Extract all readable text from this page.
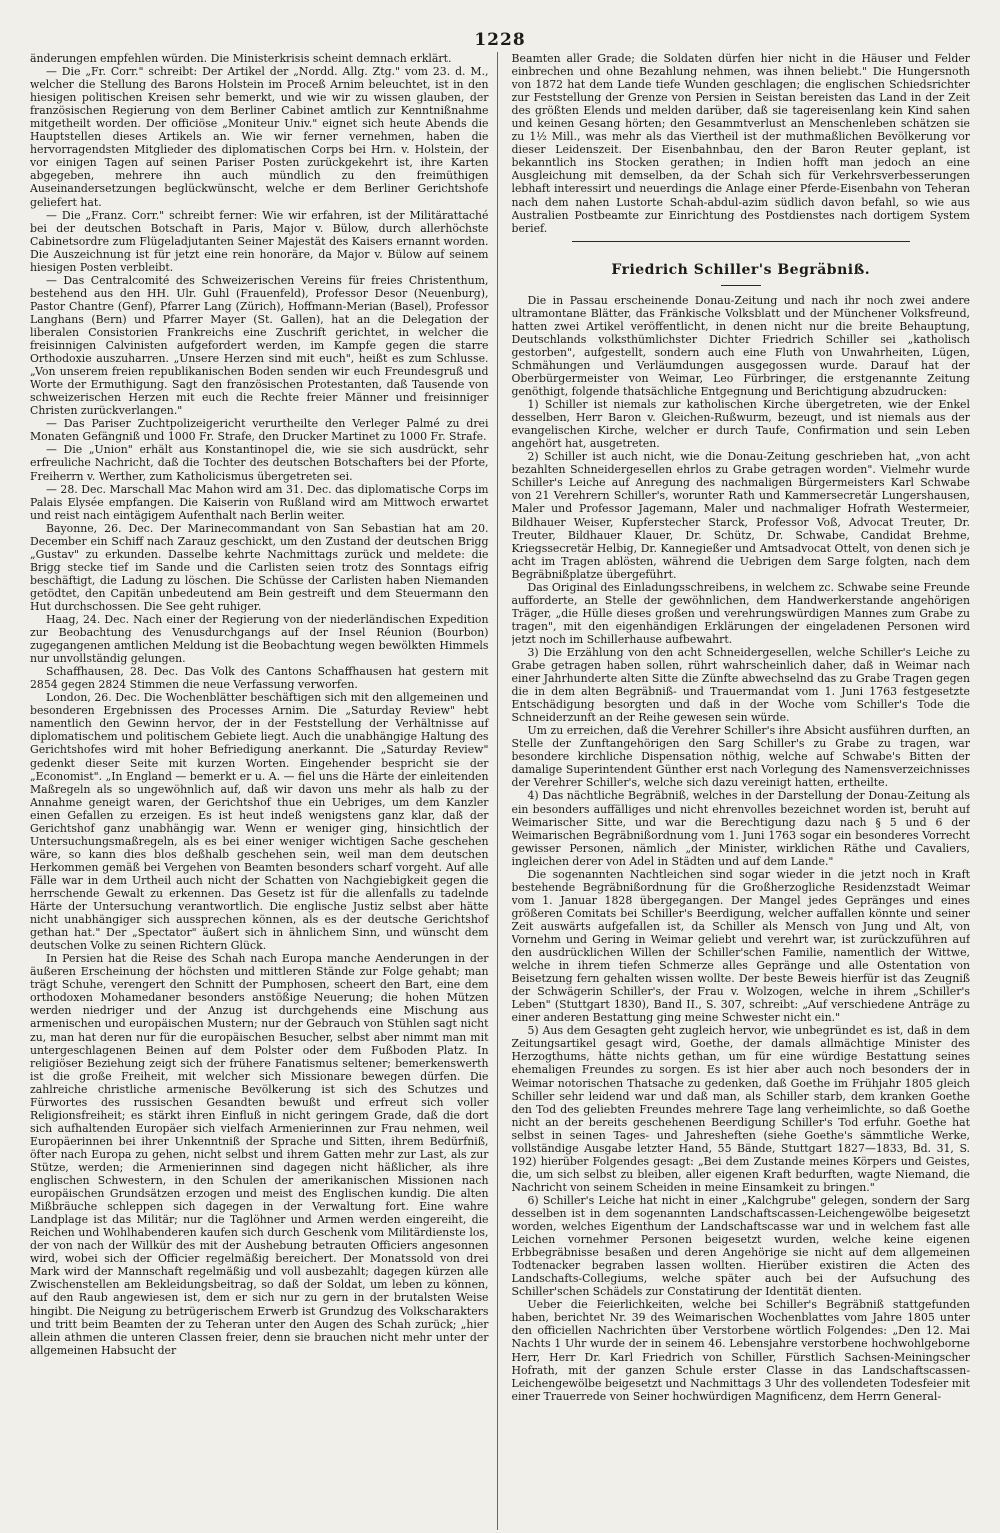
1228

änderungen empfehlen würden. Die Ministerkrisis scheint demnach erklärt.

— Die „Fr. Corr." schreibt: Der Artikel der „Nordd. Allg. Ztg." vom 23. d. M., welcher die Stellung des Barons Holstein im Proceß Arnim beleuchtet, ist in den hiesigen politischen Kreisen sehr bemerkt, und wie wir zu wissen glauben, der französischen Regierung von dem Berliner Cabinet amtlich zur Kenntnißnahme mitgetheilt worden. Der officiöse „Moniteur Univ." eignet sich heute Abends die Hauptstellen dieses Artikels an. Wie wir ferner vernehmen, haben die hervorragendsten Mitglieder des diplomatischen Corps bei Hrn. v. Holstein, der vor einigen Tagen auf seinen Pariser Posten zurückgekehrt ist, ihre Karten abgegeben, mehrere ihn auch mündlich zu den freimüthigen Auseinandersetzungen beglückwünscht, welche er dem Berliner Gerichtshofe geliefert hat.

— Die „Franz. Corr." schreibt ferner: Wie wir erfahren, ist der Militärattaché bei der deutschen Botschaft in Paris, Major v. Bülow, durch allerhöchste Cabinetsordre zum Flügeladjutanten Seiner Majestät des Kaisers ernannt worden. Die Auszeichnung ist für jetzt eine rein honoräre, da Major v. Bülow auf seinem hiesigen Posten verbleibt.

— Das Centralcomité des Schweizerischen Vereins für freies Christenthum, bestehend aus den HH. Ulr. Guhl (Frauenfeld), Professor Desor (Neuenburg), Pastor Chantre (Genf), Pfarrer Lang (Zürich), Hoffmann-Merian (Basel), Professor Langhans (Bern) und Pfarrer Mayer (St. Gallen), hat an die Delegation der liberalen Consistorien Frankreichs eine Zuschrift gerichtet, in welcher die freisinnigen Calvinisten aufgefordert werden, im Kampfe gegen die starre Orthodoxie auszuharren. „Unsere Herzen sind mit euch", heißt es zum Schlusse. „Von unserem freien republikanischen Boden senden wir euch Freundesgruß und Worte der Ermuthigung. Sagt den französischen Protestanten, daß Tausende von schweizerischen Herzen mit euch die Rechte freier Männer und freisinniger Christen zurückverlangen."

— Das Pariser Zuchtpolizeigericht verurtheilte den Verleger Palmé zu drei Monaten Gefängniß und 1000 Fr. Strafe, den Drucker Martinet zu 1000 Fr. Strafe.

— Die „Union" erhält aus Konstantinopel die, wie sie sich ausdrückt, sehr erfreuliche Nachricht, daß die Tochter des deutschen Botschafters bei der Pforte, Freiherrn v. Werther, zum Katholicismus übergetreten sei.

— 28. Dec. Marschall Mac Mahon wird am 31. Dec. das diplomatische Corps im Palais Elysée empfangen. Die Kaiserin von Rußland wird am Mittwoch erwartet und reist nach eintägigem Aufenthalt nach Berlin weiter.

Bayonne, 26. Dec. Der Marinecommandant von San Sebastian hat am 20. December ein Schiff nach Zarauz geschickt, um den Zustand der deutschen Brigg „Gustav" zu erkunden. Dasselbe kehrte Nachmittags zurück und meldete: die Brigg stecke tief im Sande und die Carlisten seien trotz des Sonntags eifrig beschäftigt, die Ladung zu löschen. Die Schüsse der Carlisten haben Niemanden getödtet, den Capitän unbedeutend am Bein gestreift und dem Steuermann den Hut durchschossen. Die See geht ruhiger.

Haag, 24. Dec. Nach einer der Regierung von der niederländischen Expedition zur Beobachtung des Venusdurchgangs auf der Insel Réunion (Bourbon) zugegangenen amtlichen Meldung ist die Beobachtung wegen bewölkten Himmels nur unvollständig gelungen.

Schaffhausen, 28. Dec. Das Volk des Cantons Schaffhausen hat gestern mit 2854 gegen 2824 Stimmen die neue Verfassung verworfen.

London, 26. Dec. Die Wochenblätter beschäftigen sich mit den allgemeinen und besonderen Ergebnissen des Processes Arnim. Die „Saturday Review" hebt namentlich den Gewinn hervor, der in der Feststellung der Verhältnisse auf diplomatischem und politischem Gebiete liegt. Auch die unabhängige Haltung des Gerichtshofes wird mit hoher Befriedigung anerkannt. Die „Saturday Review" gedenkt dieser Seite mit kurzen Worten. Eingehender bespricht sie der „Economist". „In England — bemerkt er u. A. — fiel uns die Härte der einleitenden Maßregeln als so ungewöhnlich auf, daß wir davon uns mehr als halb zu der Annahme geneigt waren, der Gerichtshof thue ein Uebriges, um dem Kanzler einen Gefallen zu erzeigen. Es ist heut indeß wenigstens ganz klar, daß der Gerichtshof ganz unabhängig war. Wenn er weniger ging, hinsichtlich der Untersuchungsmaßregeln, als es bei einer weniger wichtigen Sache geschehen wäre, so kann dies blos deßhalb geschehen sein, weil man dem deutschen Herkommen gemäß bei Vergehen von Beamten besonders scharf vorgeht. Auf alle Fälle war in dem Urtheil auch nicht der Schatten von Nachgiebigkeit gegen die herrschende Gewalt zu erkennen. Das Gesetz ist für die allenfalls zu tadelnde Härte der Untersuchung verantwortlich. Die englische Justiz selbst aber hätte nicht unabhängiger sich aussprechen können, als es der deutsche Gerichtshof gethan hat." Der „Spectator" äußert sich in ähnlichem Sinn, und wünscht dem deutschen Volke zu seinen Richtern Glück.

In Persien hat die Reise des Schah nach Europa manche Aenderungen in der äußeren Erscheinung der höchsten und mittleren Stände zur Folge gehabt; man trägt Schuhe, verengert den Schnitt der Pumphosen, scheert den Bart, eine dem orthodoxen Mohamedaner besonders anstößige Neuerung; die hohen Mützen werden niedriger und der Anzug ist durchgehends eine Mischung aus armenischen und europäischen Mustern; nur der Gebrauch von Stühlen sagt nicht zu, man hat deren nur für die europäischen Besucher, selbst aber nimmt man mit untergeschlagenen Beinen auf dem Polster oder dem Fußboden Platz. In religiöser Beziehung zeigt sich der frühere Fanatismus seltener; bemerkenswerth ist die große Freiheit, mit welcher sich Missionare bewegen dürfen. Die zahlreiche christliche armenische Bevölkerung ist sich des Schutzes und Fürwortes des russischen Gesandten bewußt und erfreut sich voller Religionsfreiheit; es stärkt ihren Einfluß in nicht geringem Grade, daß die dort sich aufhaltenden Europäer sich vielfach Armenierinnen zur Frau nehmen, weil Europäerinnen bei ihrer Unkenntniß der Sprache und Sitten, ihrem Bedürfniß, öfter nach Europa zu gehen, nicht selbst und ihrem Gatten mehr zur Last, als zur Stütze, werden; die Armenierinnen sind dagegen nicht häßlicher, als ihre englischen Schwestern, in den Schulen der amerikanischen Missionen nach europäischen Grundsätzen erzogen und meist des Englischen kundig. Die alten Mißbräuche schleppen sich dagegen in der Verwaltung fort. Eine wahre Landplage ist das Militär; nur die Taglöhner und Armen werden eingereiht, die Reichen und Wohlhabenderen kaufen sich durch Geschenk vom Militärdienste los, der von nach der Willkür des mit der Aushebung betrauten Officiers angesonnen wird, wobei sich der Officier regelmäßig bereichert. Der Monatssold von drei Mark wird der Mannschaft regelmäßig und voll ausbezahlt; dagegen kürzen alle Zwischenstellen am Bekleidungsbeitrag, so daß der Soldat, um leben zu können, auf den Raub angewiesen ist, dem er sich nur zu gern in der brutalsten Weise hingibt. Die Neigung zu betrügerischem Erwerb ist Grundzug des Volkscharakters und tritt beim Beamten der zu Teheran unter den Augen des Schah zurück; „hier allein athmen die unteren Classen freier, denn sie brauchen nicht mehr unter der allgemeinen Habsucht der

Beamten aller Grade; die Soldaten dürfen hier nicht in die Häuser und Felder einbrechen und ohne Bezahlung nehmen, was ihnen beliebt." Die Hungersnoth von 1872 hat dem Lande tiefe Wunden geschlagen; die englischen Schiedsrichter zur Feststellung der Grenze von Persien in Seistan bereisten das Land in der Zeit des größten Elends und melden darüber, daß sie tagereisenlang kein Kind sahen und keinen Gesang hörten; den Gesammtverlust an Menschenleben schätzen sie zu 1½ Mill., was mehr als das Viertheil ist der muthmaßlichen Bevölkerung vor dieser Leidenszeit. Der Eisenbahnbau, den der Baron Reuter geplant, ist bekanntlich ins Stocken gerathen; in Indien hofft man jedoch an eine Ausgleichung mit demselben, da der Schah sich für Verkehrsverbesserungen lebhaft interessirt und neuerdings die Anlage einer Pferde-Eisenbahn von Teheran nach dem nahen Lustorte Schah-abdul-azim südlich davon befahl, so wie aus Australien Postbeamte zur Einrichtung des Postdienstes nach dortigem System berief.

Friedrich Schiller's Begräbniß.

Die in Passau erscheinende Donau-Zeitung und nach ihr noch zwei andere ultramontane Blätter, das Fränkische Volksblatt und der Münchener Volksfreund, hatten zwei Artikel veröffentlicht, in denen nicht nur die breite Behauptung, Deutschlands volksthümlichster Dichter Friedrich Schiller sei „katholisch gestorben", aufgestellt, sondern auch eine Fluth von Unwahrheiten, Lügen, Schmähungen und Verläumdungen ausgegossen wurde. Darauf hat der Oberbürgermeister von Weimar, Leo Fürbringer, die erstgenannte Zeitung genöthigt, folgende thatsächliche Entgegnung und Berichtigung abzudrucken:

1) Schiller ist niemals zur katholischen Kirche übergetreten, wie der Enkel desselben, Herr Baron v. Gleichen-Rußwurm, bezeugt, und ist niemals aus der evangelischen Kirche, welcher er durch Taufe, Confirmation und sein Leben angehört hat, ausgetreten.

2) Schiller ist auch nicht, wie die Donau-Zeitung geschrieben hat, „von acht bezahlten Schneidergesellen ehrlos zu Grabe getragen worden". Vielmehr wurde Schiller's Leiche auf Anregung des nachmaligen Bürgermeisters Karl Schwabe von 21 Verehrern Schiller's, worunter Rath und Kammersecretär Lungershausen, Maler und Professor Jagemann, Maler und nachmaliger Hofrath Westermeier, Bildhauer Weiser, Kupferstecher Starck, Professor Voß, Advocat Treuter, Dr. Treuter, Bildhauer Klauer, Dr. Schütz, Dr. Schwabe, Candidat Brehme, Kriegssecretär Helbig, Dr. Kannegießer und Amtsadvocat Ottelt, von denen sich je acht im Tragen ablösten, während die Uebrigen dem Sarge folgten, nach dem Begräbnißplatze übergeführt.

Das Original des Einladungsschreibens, in welchem zc. Schwabe seine Freunde aufforderte, an Stelle der gewöhnlichen, dem Handwerkerstande angehörigen Träger, „die Hülle dieses großen und verehrungswürdigen Mannes zum Grabe zu tragen", mit den eigenhändigen Erklärungen der eingeladenen Personen wird jetzt noch im Schillerhause aufbewahrt.

3) Die Erzählung von den acht Schneidergesellen, welche Schiller's Leiche zu Grabe getragen haben sollen, rührt wahrscheinlich daher, daß in Weimar nach einer Jahrhunderte alten Sitte die Zünfte abwechselnd das zu Grabe Tragen gegen die in dem alten Begräbniß- und Trauermandat vom 1. Juni 1763 festgesetzte Entschädigung besorgten und daß in der Woche vom Schiller's Tode die Schneiderzunft an der Reihe gewesen sein würde.

Um zu erreichen, daß die Verehrer Schiller's ihre Absicht ausführen durften, an Stelle der Zunftangehörigen den Sarg Schiller's zu Grabe zu tragen, war besondere kirchliche Dispensation nöthig, welche auf Schwabe's Bitten der damalige Superintendent Günther erst nach Vorlegung des Namensverzeichnisses der Verehrer Schiller's, welche sich dazu vereinigt hatten, ertheilte.

4) Das nächtliche Begräbniß, welches in der Darstellung der Donau-Zeitung als ein besonders auffälliges und nicht ehrenvolles bezeichnet worden ist, beruht auf Weimarischer Sitte, und war die Berechtigung dazu nach § 5 und 6 der Weimarischen Begräbnißordnung vom 1. Juni 1763 sogar ein besonderes Vorrecht gewisser Personen, nämlich „der Minister, wirklichen Räthe und Cavaliers, ingleichen derer von Adel in Städten und auf dem Lande."

Die sogenannten Nachtleichen sind sogar wieder in die jetzt noch in Kraft bestehende Begräbnißordnung für die Großherzogliche Residenzstadt Weimar vom 1. Januar 1828 übergegangen. Der Mangel jedes Gepränges und eines größeren Comitats bei Schiller's Beerdigung, welcher auffallen könnte und seiner Zeit auswärts aufgefallen ist, da Schiller als Mensch von Jung und Alt, von Vornehm und Gering in Weimar geliebt und verehrt war, ist zurückzuführen auf den ausdrücklichen Willen der Schiller'schen Familie, namentlich der Wittwe, welche in ihrem tiefen Schmerze alles Gepränge und alle Ostentation von Beisetzung fern gehalten wissen wollte. Der beste Beweis hierfür ist das Zeugniß der Schwägerin Schiller's, der Frau v. Wolzogen, welche in ihrem „Schiller's Leben" (Stuttgart 1830), Band II., S. 307, schreibt: „Auf verschiedene Anträge zu einer anderen Bestattung ging meine Schwester nicht ein."

5) Aus dem Gesagten geht zugleich hervor, wie unbegründet es ist, daß in dem Zeitungsartikel gesagt wird, Goethe, der damals allmächtige Minister des Herzogthums, hätte nichts gethan, um für eine würdige Bestattung seines ehemaligen Freundes zu sorgen. Es ist hier aber auch noch besonders der in Weimar notorischen Thatsache zu gedenken, daß Goethe im Frühjahr 1805 gleich Schiller sehr leidend war und daß man, als Schiller starb, dem kranken Goethe den Tod des geliebten Freundes mehrere Tage lang verheimlichte, so daß Goethe nicht an der bereits geschehenen Beerdigung Schiller's Tod erfuhr. Goethe hat selbst in seinen Tages- und Jahresheften (siehe Goethe's sämmtliche Werke, vollständige Ausgabe letzter Hand, 55 Bände, Stuttgart 1827—1833, Bd. 31, S. 192) hierüber Folgendes gesagt: „Bei dem Zustande meines Körpers und Geistes, die, um sich selbst zu bleiben, aller eigenen Kraft bedurften, wagte Niemand, die Nachricht von seinem Scheiden in meine Einsamkeit zu bringen."

6) Schiller's Leiche hat nicht in einer „Kalchgrube" gelegen, sondern der Sarg desselben ist in dem sogenannten Landschaftscassen-Leichengewölbe beigesetzt worden, welches Eigenthum der Landschaftscasse war und in welchem fast alle Leichen vornehmer Personen beigesetzt wurden, welche keine eigenen Erbbegräbnisse besaßen und deren Angehörige sie nicht auf dem allgemeinen Todtenacker begraben lassen wollten. Hierüber existiren die Acten des Landschafts-Collegiums, welche später auch bei der Aufsuchung des Schiller'schen Schädels zur Constatirung der Identität dienten.

Ueber die Feierlichkeiten, welche bei Schiller's Begräbniß stattgefunden haben, berichtet Nr. 39 des Weimarischen Wochenblattes vom Jahre 1805 unter den officiellen Nachrichten über Verstorbene wörtlich Folgendes: „Den 12. Mai Nachts 1 Uhr wurde der in seinem 46. Lebensjahre verstorbene hochwohlgeborne Herr, Herr Dr. Karl Friedrich von Schiller, Fürstlich Sachsen-Meiningscher Hofrath, mit der ganzen Schule erster Classe in das Landschaftscassen-Leichengewölbe beigesetzt und Nachmittags 3 Uhr des vollendeten Todesfeier mit einer Trauerrede von Seiner hochwürdigen Magnificenz, dem Herrn General-
